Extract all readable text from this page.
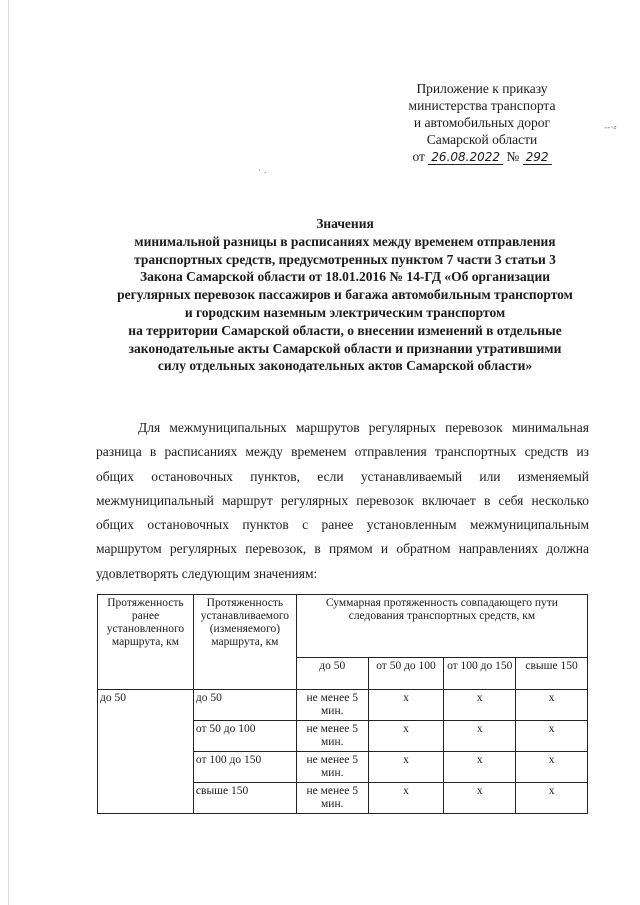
‐‐·⸗
· .
Приложение к приказу
министерства транспорта
и автомобильных дорог
Самарской области
от 26.08.2022 № 292
Значения
минимальной разницы в расписаниях между временем отправления
транспортных средств, предусмотренных пунктом 7 части 3 статьи 3
Закона Самарской области от 18.01.2016 № 14-ГД «Об организации
регулярных перевозок пассажиров и багажа автомобильным транспортом
и городским наземным электрическим транспортом
на территории Самарской области, о внесении изменений в отдельные
законодательные акты Самарской области и признании утратившими
силу отдельных законодательных актов Самарской области»
Для межмуниципальных маршрутов регулярных перевозок минимальная разница в расписаниях между временем отправления транспортных средств из общих остановочных пунктов, если устанавливаемый или изменяемый межмуниципальный маршрут регулярных перевозок включает в себя несколько общих остановочных пунктов с ранее установленным межмуниципальным маршрутом регулярных перевозок, в прямом и обратном направлениях должна удовлетворять следующим значениям:
Протяженность ранее установленного маршрута, км	Протяженность устанавливаемого (изменяемого) маршрута, км	Суммарная протяженность совпадающего пути следования транспортных средств, км			
		до 50	от 50 до 100	от 100 до 150	свыше 150
до 50	до 50	не менее 5 мин.	x	x	x
	от 50 до 100	не менее 5 мин.	x	x	x
	от 100 до 150	не менее 5 мин.	x	x	x
	свыше 150	не менее 5 мин.	x	x	x
